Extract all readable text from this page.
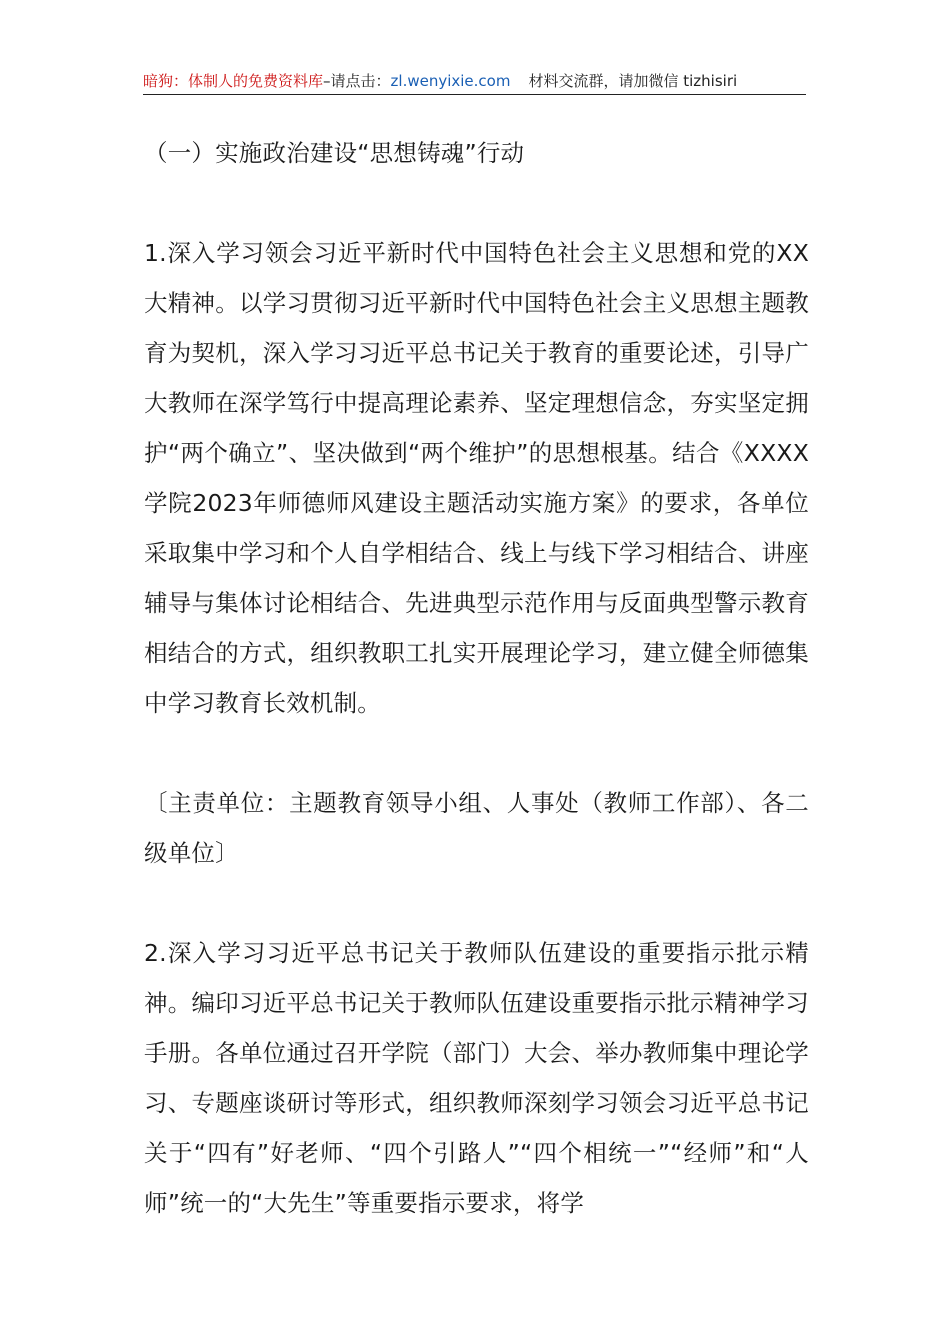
暗狗：体制人的免费资料库–请点击：zl.wenyixie.com 材料交流群，请加微信 tizhisiri

（一）实施政治建设“思想铸魂”行动

1.深入学习领会习近平新时代中国特色社会主义思想和党的XX大精神。以学习贯彻习近平新时代中国特色社会主义思想主题教育为契机，深入学习习近平总书记关于教育的重要论述，引导广大教师在深学笃行中提高理论素养、坚定理想信念，夯实坚定拥护“两个确立”、坚决做到“两个维护”的思想根基。结合《XXXX学院2023年师德师风建设主题活动实施方案》的要求，各单位采取集中学习和个人自学相结合、线上与线下学习相结合、讲座辅导与集体讨论相结合、先进典型示范作用与反面典型警示教育相结合的方式，组织教职工扎实开展理论学习，建立健全师德集中学习教育长效机制。

〔主责单位：主题教育领导小组、人事处（教师工作部）、各二级单位〕

2.深入学习习近平总书记关于教师队伍建设的重要指示批示精神。编印习近平总书记关于教师队伍建设重要指示批示精神学习手册。各单位通过召开学院（部门）大会、举办教师集中理论学习、专题座谈研讨等形式，组织教师深刻学习领会习近平总书记关于“四有”好老师、“四个引路人”“四个相统一”“经师”和“人师”统一的“大先生”等重要指示要求，将学
